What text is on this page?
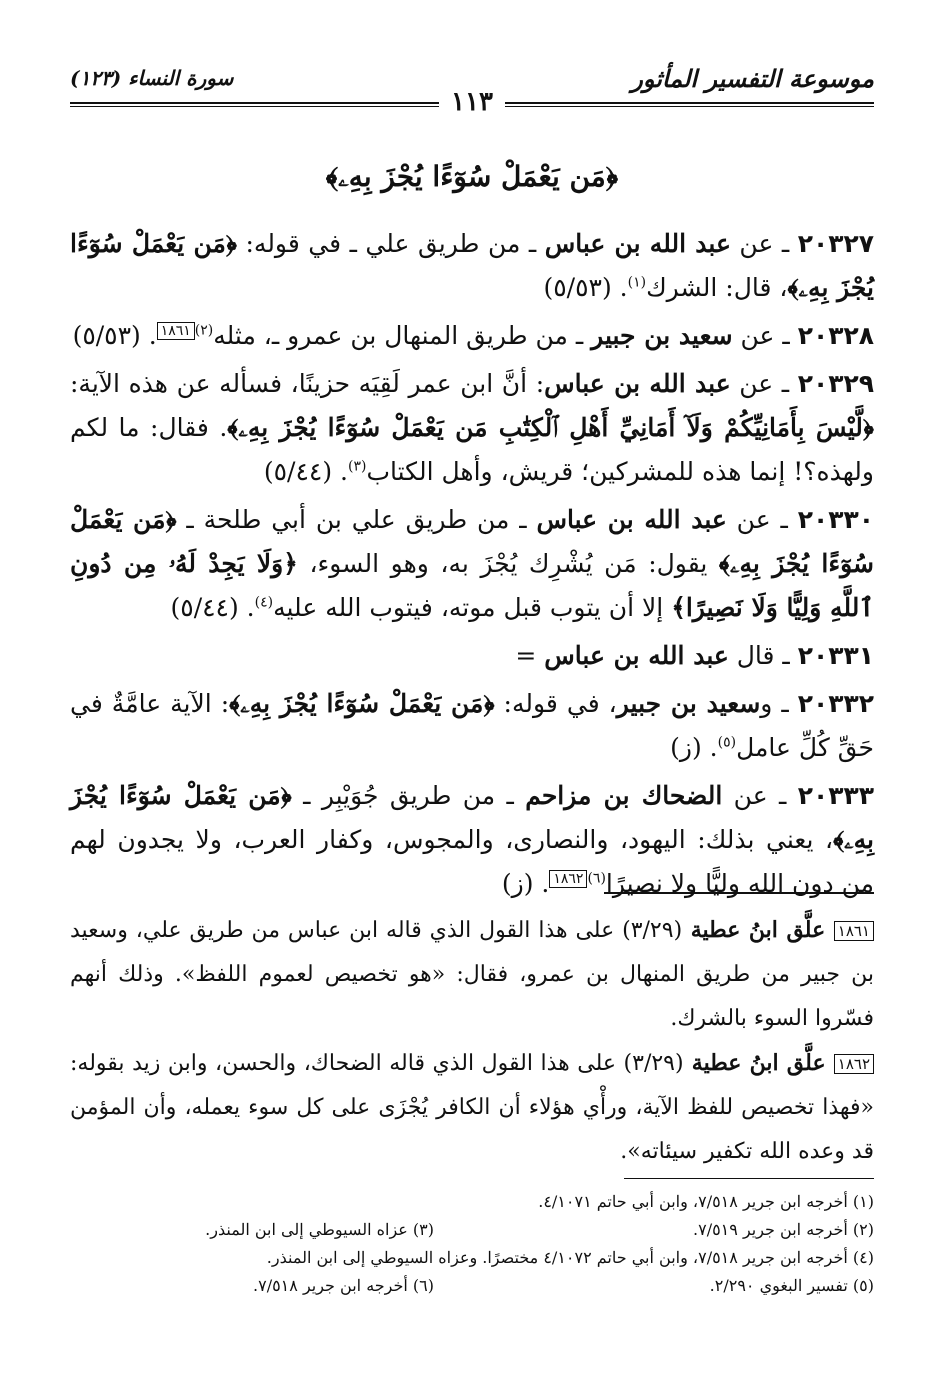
موسوعة التفسير المأثور
سورة النساء (١٢٣)
١١٣
﴿مَن يَعْمَلْ سُوٓءًا يُجْزَ بِهِۦ﴾

٢٠٣٢٧ ـ عن عبد الله بن عباس ـ من طريق علي ـ في قوله: ﴿مَن يَعْمَلْ سُوٓءًا يُجْزَ بِهِۦ﴾، قال: الشرك$^{(١)}$. (٥/٥٣)

٢٠٣٢٨ ـ عن سعيد بن جبير ـ من طريق المنهال بن عمرو ـ، مثله$^{(٢)}$١٨٦١. (٥/٥٣)

٢٠٣٢٩ ـ عن عبد الله بن عباس: أنَّ ابن عمر لَقِيَه حزينًا، فسأله عن هذه الآية: ﴿لَّيْسَ بِأَمَانِيِّكُمْ وَلَآ أَمَانِيِّ أَهْلِ ٱلْكِتَٰبِ مَن يَعْمَلْ سُوٓءًا يُجْزَ بِهِۦ﴾. فقال: ما لكم ولهذه؟! إنما هذه للمشركين؛ قريش، وأهل الكتاب$^{(٣)}$. (٥/٤٤)

٢٠٣٣٠ ـ عن عبد الله بن عباس ـ من طريق علي بن أبي طلحة ـ ﴿مَن يَعْمَلْ سُوٓءًا يُجْزَ بِهِۦ﴾ يقول: مَن يُشْرِك يُجْزَ به، وهو السوء، ﴿وَلَا يَجِدْ لَهُۥ مِن دُونِ ٱللَّهِ وَلِيًّا وَلَا نَصِيرًا﴾ إلا أن يتوب قبل موته، فيتوب الله عليه$^{(٤)}$. (٥/٤٤)

٢٠٣٣١ ـ قال عبد الله بن عباس =

٢٠٣٣٢ ـ وسعيد بن جبير، في قوله: ﴿مَن يَعْمَلْ سُوٓءًا يُجْزَ بِهِۦ﴾: الآية عامَّةٌ في حَقِّ كُلِّ عامل$^{(٥)}$. (ز)

٢٠٣٣٣ ـ عن الضحاك بن مزاحم ـ من طريق جُوَيْبِر ـ ﴿مَن يَعْمَلْ سُوٓءًا يُجْزَ بِهِۦ﴾، يعني بذلك: اليهود، والنصارى، والمجوس، وكفار العرب، ولا يجدون لهم من دون الله وليًّا ولا نصيرًا$^{(٦)}$١٨٦٢. (ز)

١٨٦١ علَّق ابنُ عطية (٣/٢٩) على هذا القول الذي قاله ابن عباس من طريق علي، وسعيد بن جبير من طريق المنهال بن عمرو، فقال: «هو تخصيص لعموم اللفظ». وذلك أنهم فسّروا السوء بالشرك.
١٨٦٢ علَّق ابنُ عطية (٣/٢٩) على هذا القول الذي قاله الضحاك، والحسن، وابن زيد بقوله: «فهذا تخصيص للفظ الآية، ورأْي هؤلاء أن الكافر يُجْزَى على كل سوء يعمله، وأن المؤمن قد وعده الله تكفير سيئاته».
(١) أخرجه ابن جرير ٧/٥١٨، وابن أبي حاتم ٤/١٠٧١.
(٢) أخرجه ابن جرير ٧/٥١٩.
(٣) عزاه السيوطي إلى ابن المنذر.
(٤) أخرجه ابن جرير ٧/٥١٨، وابن أبي حاتم ٤/١٠٧٢ مختصرًا. وعزاه السيوطي إلى ابن المنذر.
(٥) تفسير البغوي ٢/٢٩٠.
(٦) أخرجه ابن جرير ٧/٥١٨.
